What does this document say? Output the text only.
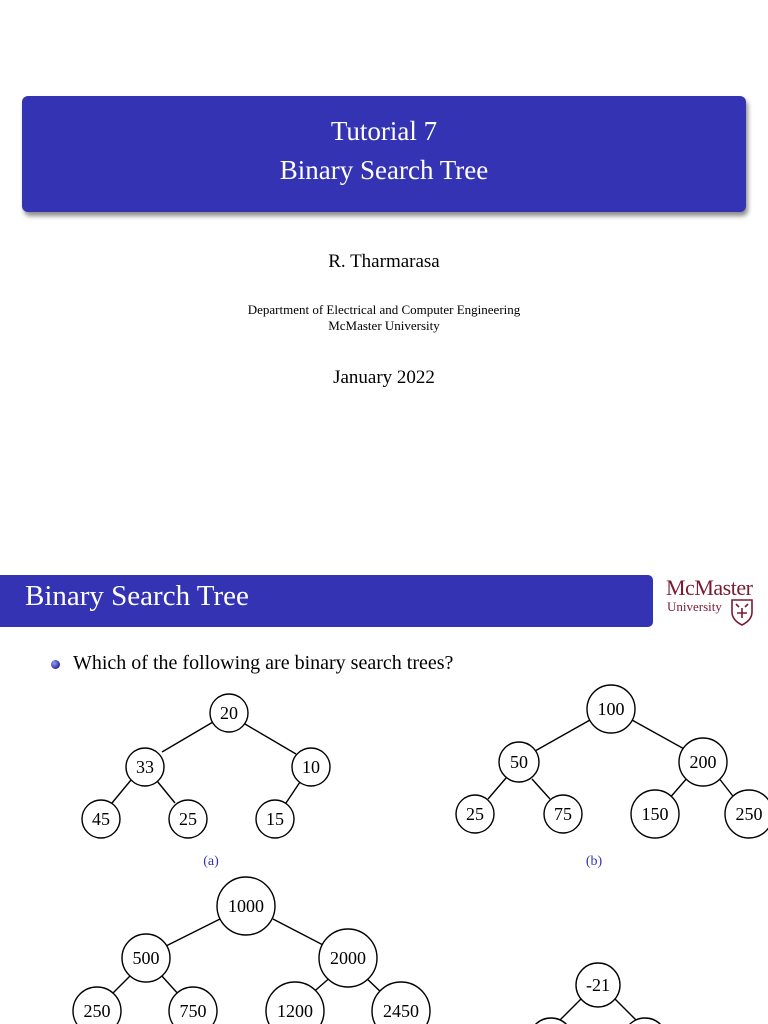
Tutorial 7
Binary Search Tree
R. Tharmarasa
Department of Electrical and Computer Engineering
McMaster University
January 2022
Binary Search Tree	McMaster
University
Which of the following are binary search trees?
20
33	10
45	25	15
(a)
100
50	200
25	75	150	250
(b)
1000
500	2000
250	750	1200	2450
-21
